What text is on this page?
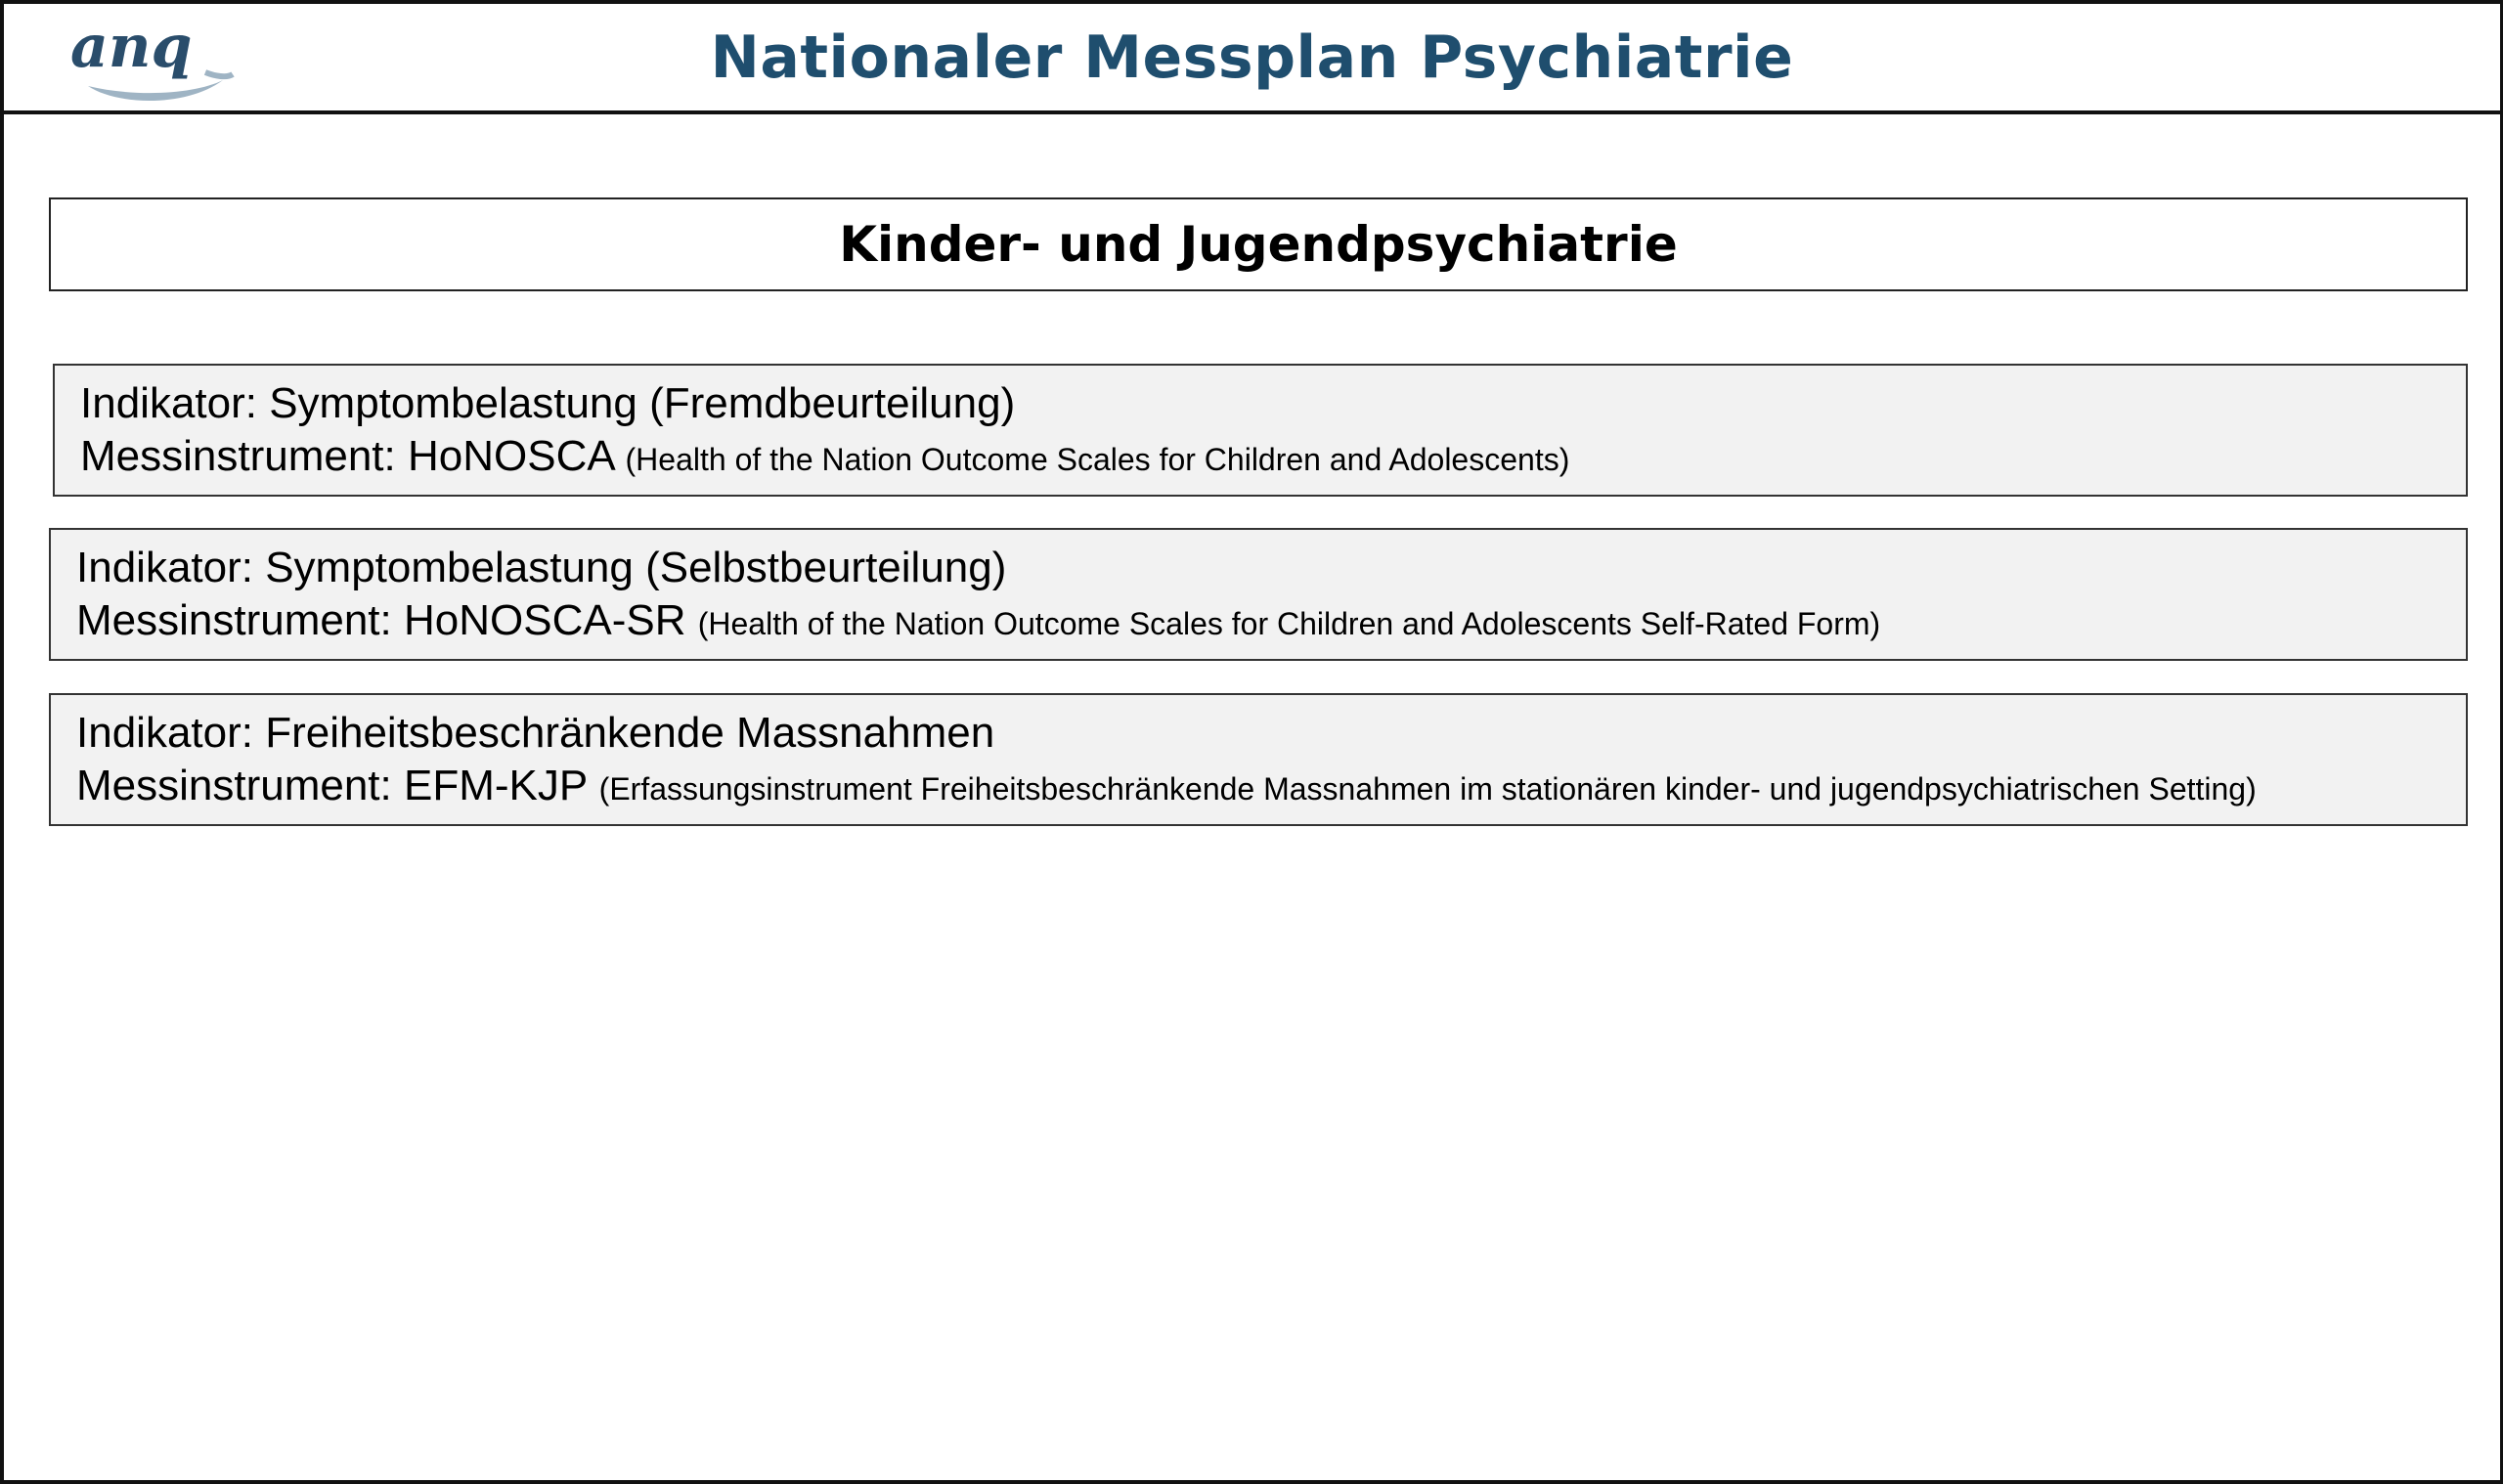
anq	Nationaler Messplan Psychiatrie
Kinder- und Jugendpsychiatrie
Indikator: Symptombelastung (Fremdbeurteilung)
Messinstrument: HoNOSCA (Health of the Nation Outcome Scales for Children and Adolescents)
Indikator: Symptombelastung (Selbstbeurteilung)
Messinstrument: HoNOSCA-SR (Health of the Nation Outcome Scales for Children and Adolescents Self-Rated Form)
Indikator: Freiheitsbeschränkende Massnahmen
Messinstrument: EFM-KJP (Erfassungsinstrument Freiheitsbeschränkende Massnahmen im stationären kinder- und jugendpsychiatrischen Setting)
